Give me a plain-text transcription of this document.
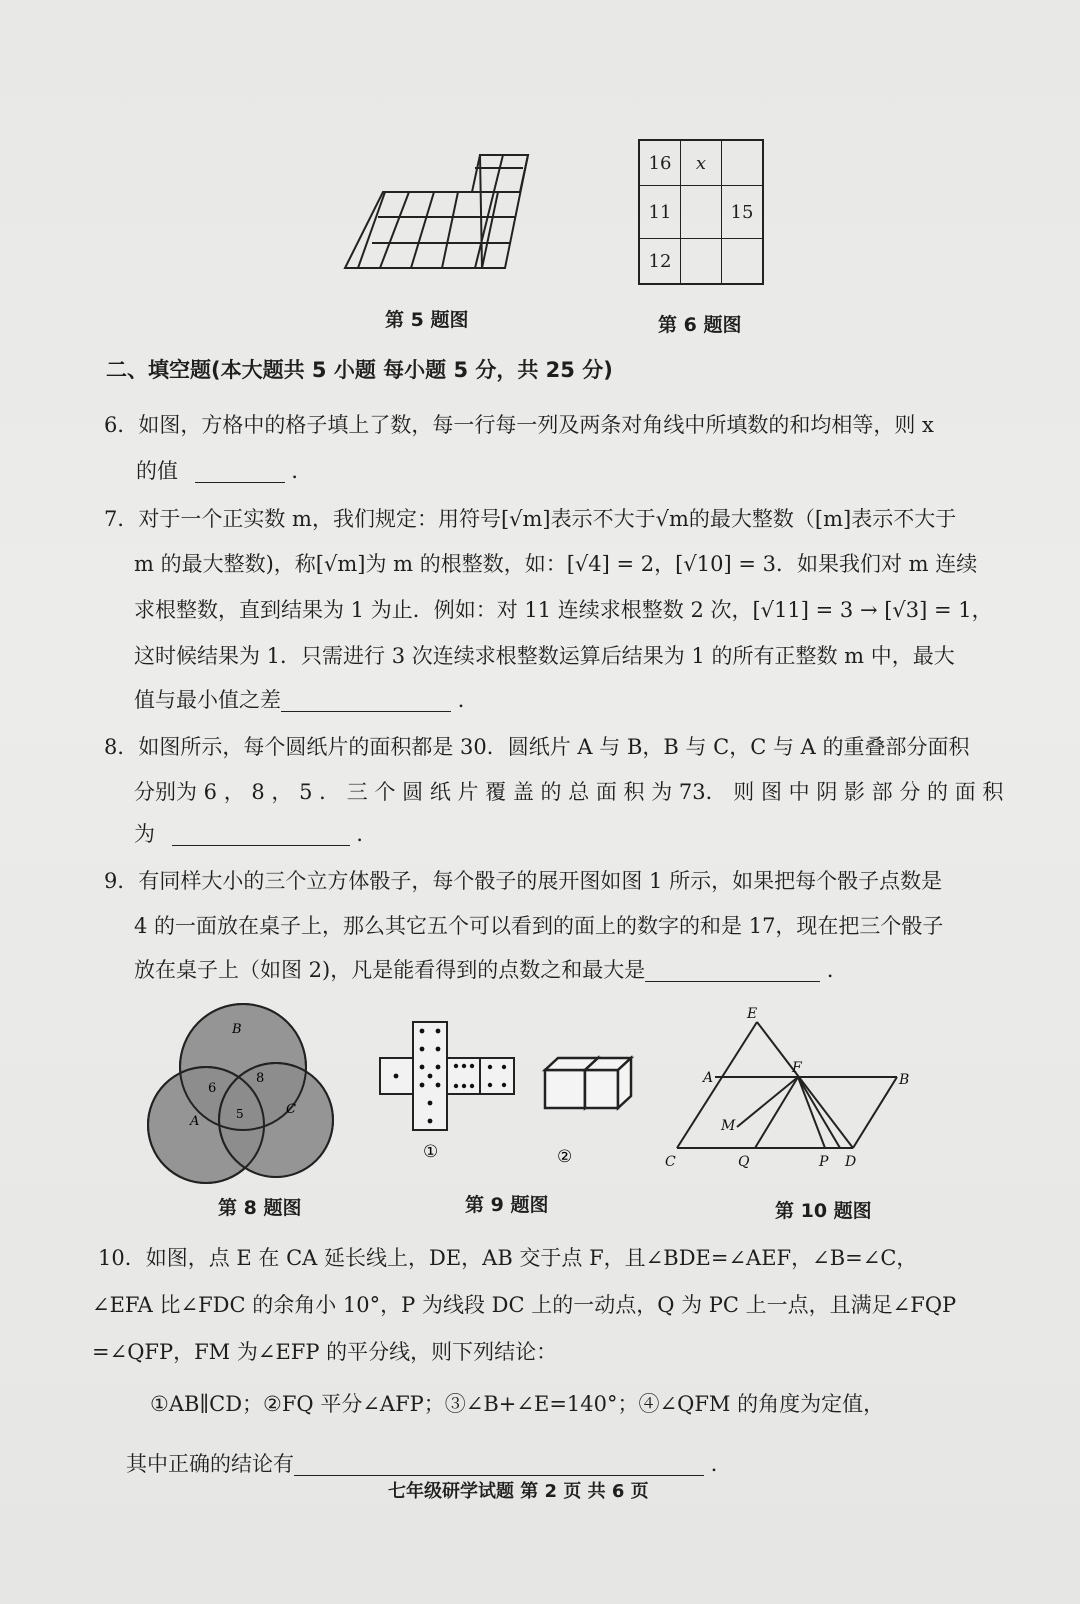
第 5 题图
16	x	
11		15
12		
第 6 题图
二、填空题(本大题共 5 小题 每小题 5 分，共 25 分)
6．如图，方格中的格子填上了数，每一行每一列及两条对角线中所填数的和均相等，则 x
的值	．
7．对于一个正实数 m，我们规定：用符号[√m]表示不大于√m的最大整数（[m]表示不大于
m 的最大整数)，称[√m]为 m 的根整数，如：[√4] = 2，[√10] = 3．如果我们对 m 连续
求根整数，直到结果为 1 为止．例如：对 11 连续求根整数 2 次，[√11] = 3 → [√3] = 1，
这时候结果为 1．只需进行 3 次连续求根整数运算后结果为 1 的所有正整数 m 中，最大
值与最小值之差	．
8．如图所示，每个圆纸片的面积都是 30．圆纸片 A 与 B，B 与 C，C 与 A 的重叠部分面积
分别为 6 ， 8 ， 5 ． 三 个 圆 纸 片 覆 盖 的 总 面 积 为 73． 则 图 中 阴 影 部 分 的 面 积
为	．
9．有同样大小的三个立方体骰子，每个骰子的展开图如图 1 所示，如果把每个骰子点数是
4 的一面放在桌子上，那么其它五个可以看到的面上的数字的和是 17，现在把三个骰子
放在桌子上（如图 2)，凡是能看得到的点数之和最大是	．
B
A
C
6
8
5
第 8 题图
①	②
第 9 题图
E
A
F
B
M
C	Q	P D
第 10 题图
10．如图，点 E 在 CA 延长线上，DE，AB 交于点 F，且∠BDE=∠AEF，∠B=∠C，
∠EFA 比∠FDC 的余角小 10°，P 为线段 DC 上的一动点，Q 为 PC 上一点，且满足∠FQP
=∠QFP，FM 为∠EFP 的平分线，则下列结论：
①AB∥CD；②FQ 平分∠AFP；③∠B+∠E=140°；④∠QFM 的角度为定值，
其中正确的结论有	．
七年级研学试题 第 2 页 共 6 页
